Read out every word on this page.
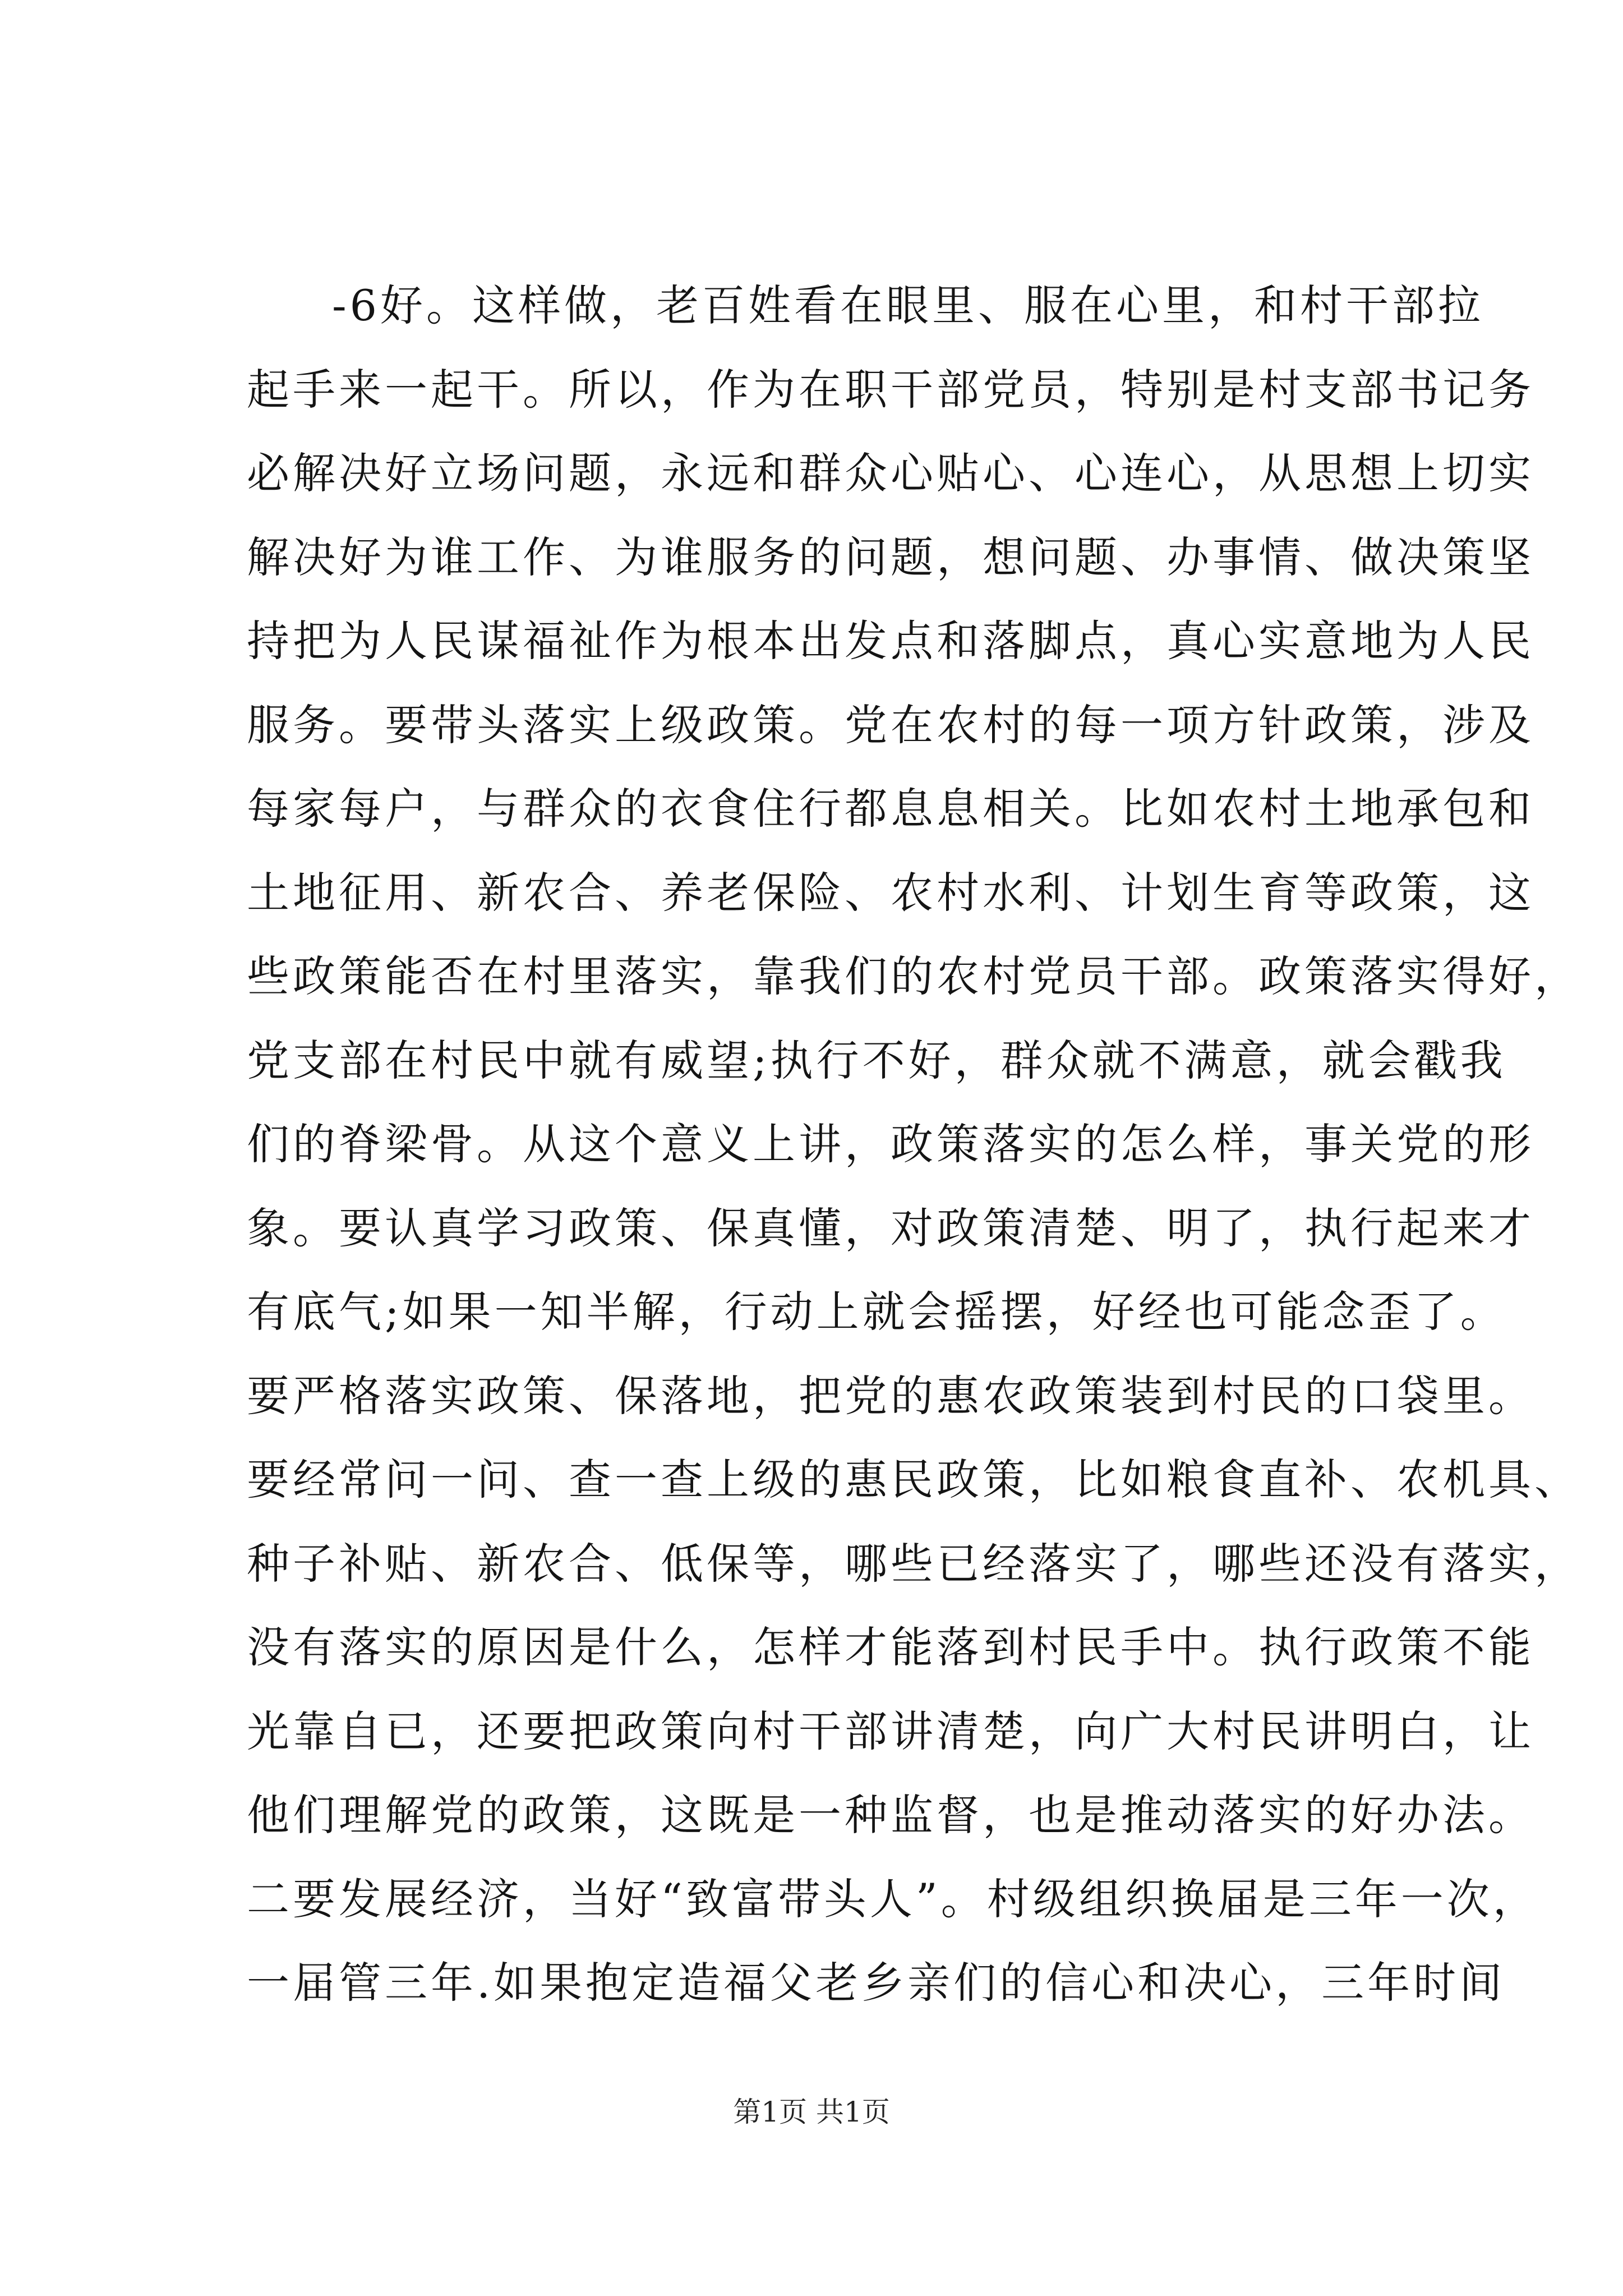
-6好。这样做，老百姓看在眼里、服在心里，和村干部拉
起手来一起干。所以，作为在职干部党员，特别是村支部书记务
必解决好立场问题，永远和群众心贴心、心连心，从思想上切实
解决好为谁工作、为谁服务的问题，想问题、办事情、做决策坚
持把为人民谋福祉作为根本出发点和落脚点，真心实意地为人民
服务。要带头落实上级政策。党在农村的每一项方针政策，涉及
每家每户，与群众的衣食住行都息息相关。比如农村土地承包和
土地征用、新农合、养老保险、农村水利、计划生育等政策，这
些政策能否在村里落实，靠我们的农村党员干部。政策落实得好，
党支部在村民中就有威望;执行不好，群众就不满意，就会戳我
们的脊梁骨。从这个意义上讲，政策落实的怎么样，事关党的形
象。要认真学习政策、保真懂，对政策清楚、明了，执行起来才
有底气;如果一知半解，行动上就会摇摆，好经也可能念歪了。
要严格落实政策、保落地，把党的惠农政策装到村民的口袋里。
要经常问一问、查一查上级的惠民政策，比如粮食直补、农机具、
种子补贴、新农合、低保等，哪些已经落实了，哪些还没有落实，
没有落实的原因是什么，怎样才能落到村民手中。执行政策不能
光靠自已，还要把政策向村干部讲清楚，向广大村民讲明白，让
他们理解党的政策，这既是一种监督，也是推动落实的好办法。
二要发展经济，当好“致富带头人”。村级组织换届是三年一次，
一届管三年.如果抱定造福父老乡亲们的信心和决心，三年时间
第1页 共1页
